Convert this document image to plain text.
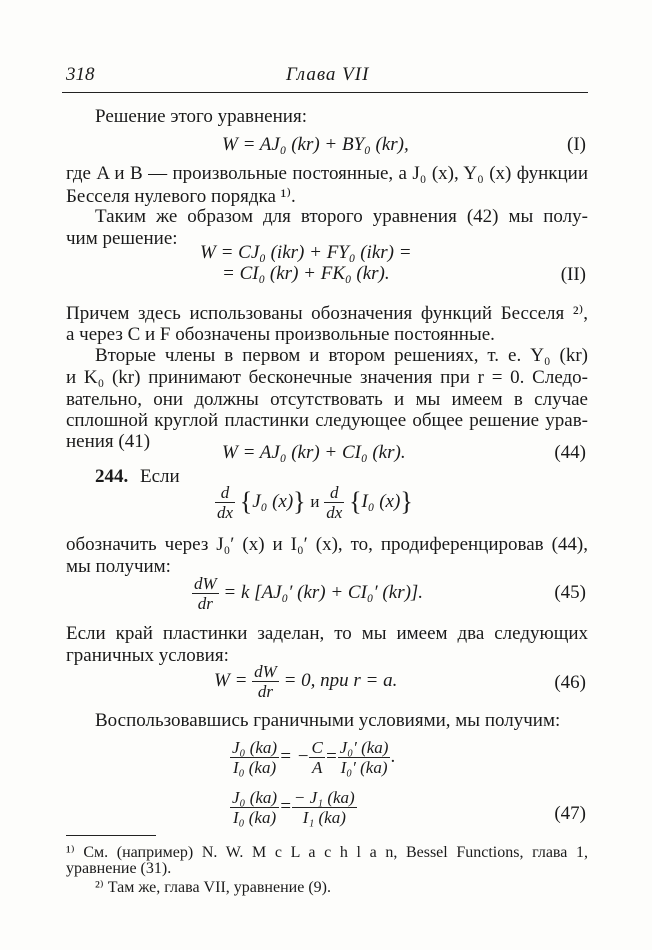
318	Глава VII
Решение этого уравнения:
W = AJ₀ (kr) + BY₀ (kr),	(I)
где A и B — произвольные постоянные, а J₀ (x), Y₀ (x) функции
Бесселя нулевого порядка ¹⁾.
Таким же образом для второго уравнения (42) мы полу-
чим решение:
W = CJ₀ (ikr) + FY₀ (ikr) =
= CI₀ (kr) + FK₀ (kr).	(II)
Причем здесь использованы обозначения функций Бесселя ²⁾,
а через C и F обозначены произвольные постоянные.
Вторые члены в первом и втором решениях, т. е. Y₀ (kr)
и K₀ (kr) принимают бесконечные значения при r = 0. Следо-
вательно, они должны отсутствовать и мы имеем в случае
сплошной круглой пластинки следующее общее решение урав-
нения (41)
W = AJ₀ (kr) + CI₀ (kr).	(44)
244. Если
$\frac{d}{dx} \{J_0$ (x)} и $\frac{d}{dx} \{I_0$ (x)}
обозначить через J₀′ (x) и I₀′ (x), то, продиференцировав (44),
мы получим:
$\frac{dW}{dr} = k$ [AJ₀′ (kr) + CI₀′ (kr)].	(45)
Если край пластинки заделан, то мы имеем два следующих
граничных условия:
$W = \frac{dW}{dr} = 0$, при r = a.	(46)
Воспользовавшись граничными условиями, мы получим:
$\frac{\text{J₀ (ka)}}{\text{I₀ (ka)}}$ = − $\frac{C}{A} = \frac{\text{J₀′ (ka)}}{\text{I₀′ (ka)}}$ .
$\frac{\text{J₀ (ka)}}{\text{I₀ (ka)}} = \frac{\text{− J₁ (ka)}}{\text{I₁ (ka)}}$	(47)
¹⁾ См. (например) N. W. M c L a c h l a n, Bessel Functions, глава 1,
уравнение (31).
²⁾ Там же, глава VII, уравнение (9).
